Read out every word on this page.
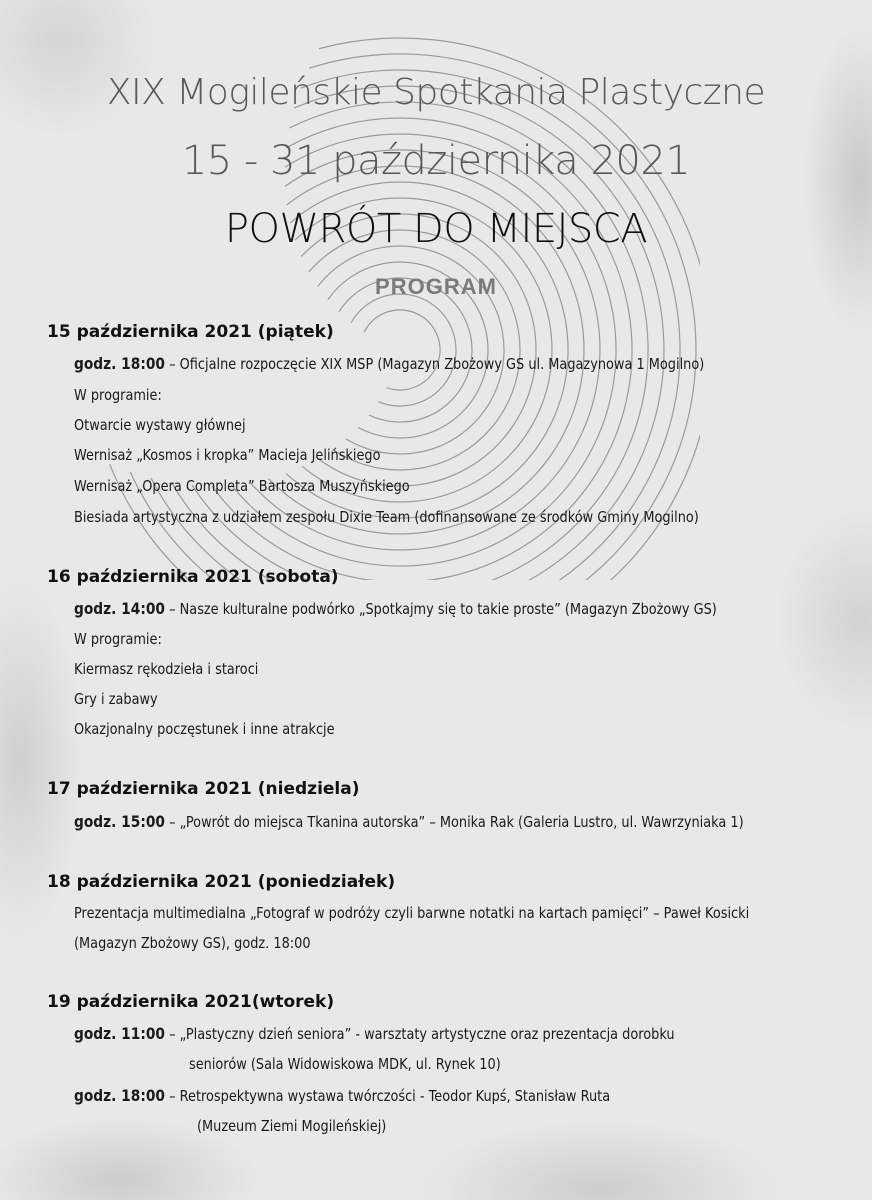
XIX Mogileńskie Spotkania Plastyczne
15 - 31 października 2021
POWRÓT DO MIEJSCA
PROGRAM
15 października 2021 (piątek)
godz. 18:00 – Oficjalne rozpoczęcie XIX MSP (Magazyn Zbożowy GS ul. Magazynowa 1 Mogilno)
W programie:
Otwarcie wystawy głównej
Wernisaż „Kosmos i kropka” Macieja Jelińskiego
Wernisaż „Opera Completa” Bartosza Muszyńskiego
Biesiada artystyczna z udziałem zespołu Dixie Team (dofinansowane ze środków Gminy Mogilno)
16 października 2021 (sobota)
godz. 14:00 – Nasze kulturalne podwórko „Spotkajmy się to takie proste” (Magazyn Zbożowy GS)
W programie:
Kiermasz rękodzieła i staroci
Gry i zabawy
Okazjonalny poczęstunek i inne atrakcje
17 października 2021 (niedziela)
godz. 15:00 – „Powrót do miejsca Tkanina autorska” – Monika Rak (Galeria Lustro, ul. Wawrzyniaka 1)
18 października 2021 (poniedziałek)
Prezentacja multimedialna „Fotograf w podróży czyli barwne notatki na kartach pamięci” – Paweł Kosicki
(Magazyn Zbożowy GS), godz. 18:00
19 października 2021(wtorek)
godz. 11:00 – „Plastyczny dzień seniora” - warsztaty artystyczne oraz prezentacja dorobku
seniorów (Sala Widowiskowa MDK, ul. Rynek 10)
godz. 18:00 – Retrospektywna wystawa twórczości - Teodor Kupś, Stanisław Ruta
(Muzeum Ziemi Mogileńskiej)
